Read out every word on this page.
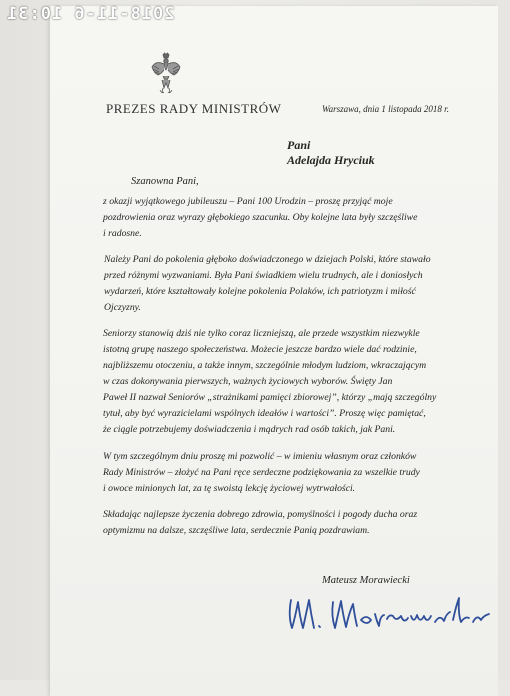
2018-11-6 10:31
PREZES RADY MINISTRÓW	Warszawa, dnia 1 listopada 2018 r.
Pani
Adelajda Hryciuk
Szanowna Pani,
z okazji wyjątkowego jubileuszu – Pani 100 Urodzin – proszę przyjąć moje
pozdrowienia oraz wyrazy głębokiego szacunku. Oby kolejne lata były szczęśliwe
i radosne.
Należy Pani do pokolenia głęboko doświadczonego w dziejach Polski, które stawało
przed różnymi wyzwaniami. Była Pani świadkiem wielu trudnych, ale i doniosłych
wydarzeń, które kształtowały kolejne pokolenia Polaków, ich patriotyzm i miłość
Ojczyzny.
Seniorzy stanowią dziś nie tylko coraz liczniejszą, ale przede wszystkim niezwykle
istotną grupę naszego społeczeństwa. Możecie jeszcze bardzo wiele dać rodzinie,
najbliższemu otoczeniu, a także innym, szczególnie młodym ludziom, wkraczającym
w czas dokonywania pierwszych, ważnych życiowych wyborów. Święty Jan
Paweł II nazwał Seniorów „strażnikami pamięci zbiorowej”, którzy „mają szczególny
tytuł, aby być wyrazicielami wspólnych ideałów i wartości”. Proszę więc pamiętać,
że ciągle potrzebujemy doświadczenia i mądrych rad osób takich, jak Pani.
W tym szczególnym dniu proszę mi pozwolić – w imieniu własnym oraz członków
Rady Ministrów – złożyć na Pani ręce serdeczne podziękowania za wszelkie trudy
i owoce minionych lat, za tę swoistą lekcję życiowej wytrwałości.
Składając najlepsze życzenia dobrego zdrowia, pomyślności i pogody ducha oraz
optymizmu na dalsze, szczęśliwe lata, serdecznie Panią pozdrawiam.
Mateusz Morawiecki
